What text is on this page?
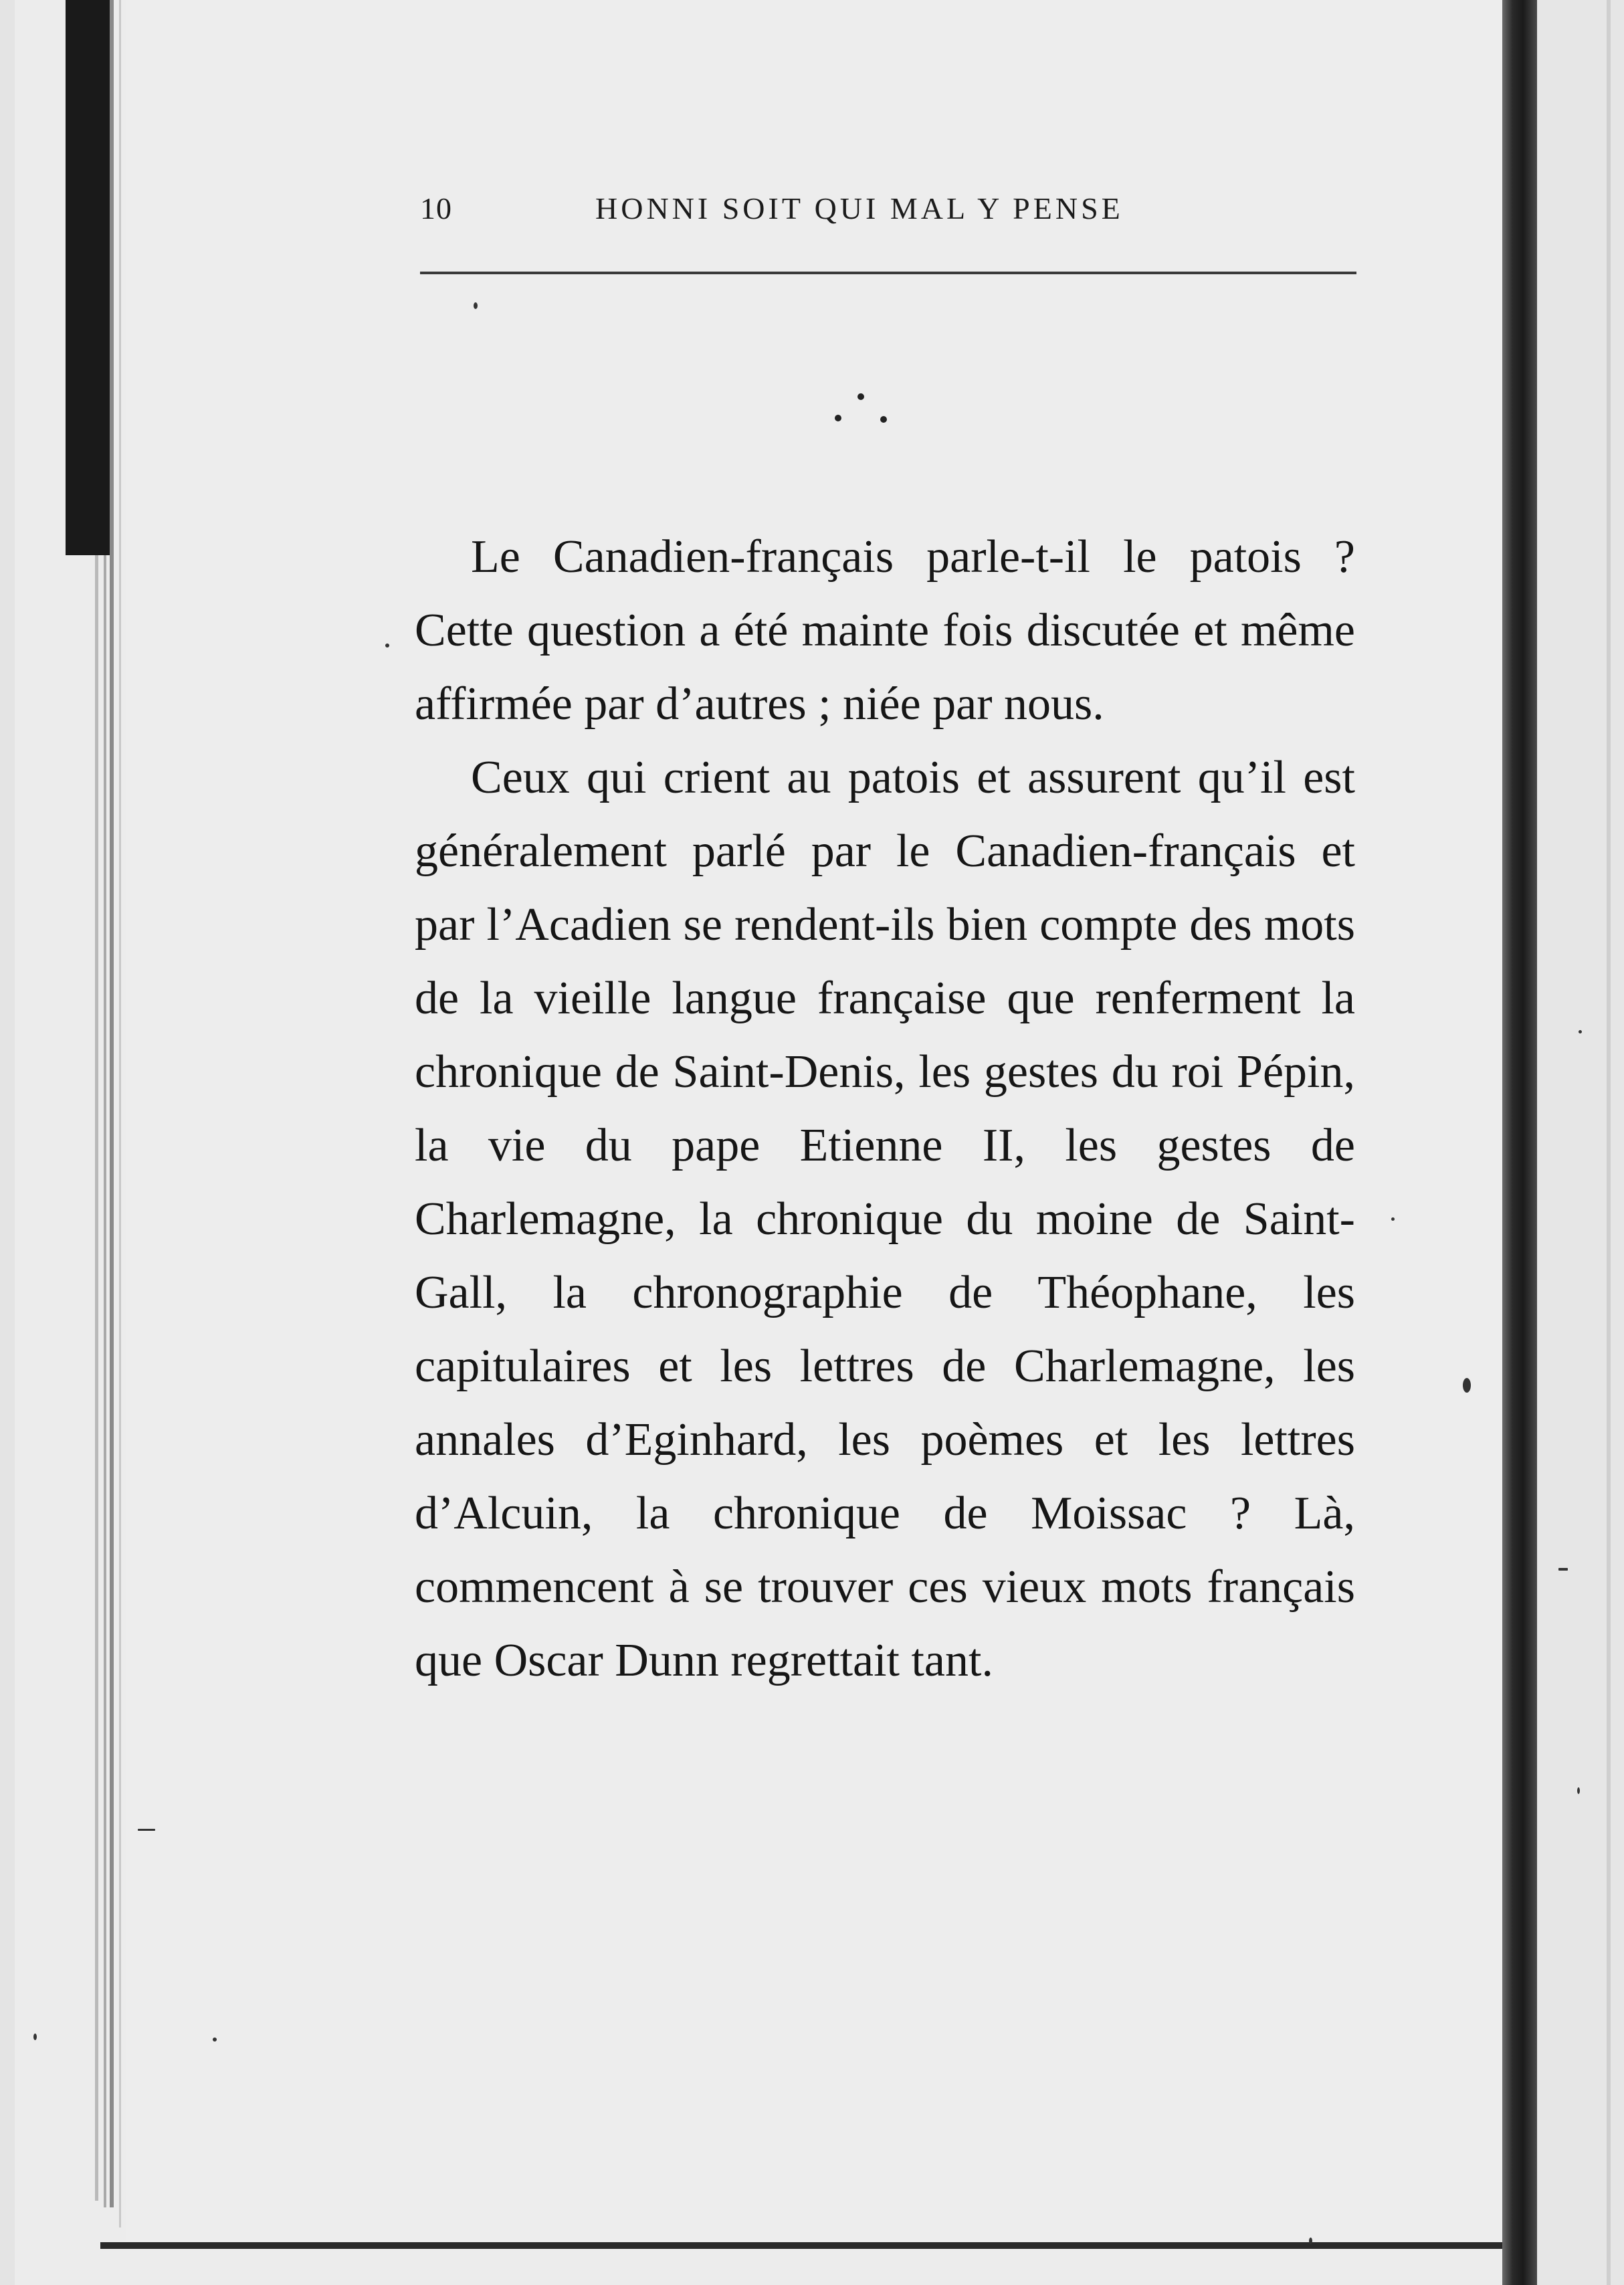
10	HONNI SOIT QUI MAL Y PENSE

Le Canadien-français parle-t-il le patois ? Cette question a été mainte fois discutée et même affirmée par d’autres ; niée par nous.

Ceux qui crient au patois et assurent qu’il est généralement parlé par le Canadien-français et par l’Acadien se rendent-ils bien compte des mots de la vieille langue française que renferment la chronique de Saint-Denis, les gestes du roi Pépin, la vie du pape Etienne II, les gestes de Charlemagne, la chronique du moine de Saint-Gall, la chronographie de Théophane, les capitulaires et les lettres de Charlemagne, les annales d’Eginhard, les poèmes et les lettres d’Alcuin, la chronique de Moissac ? Là, commencent à se trouver ces vieux mots français que Oscar Dunn regrettait tant.
